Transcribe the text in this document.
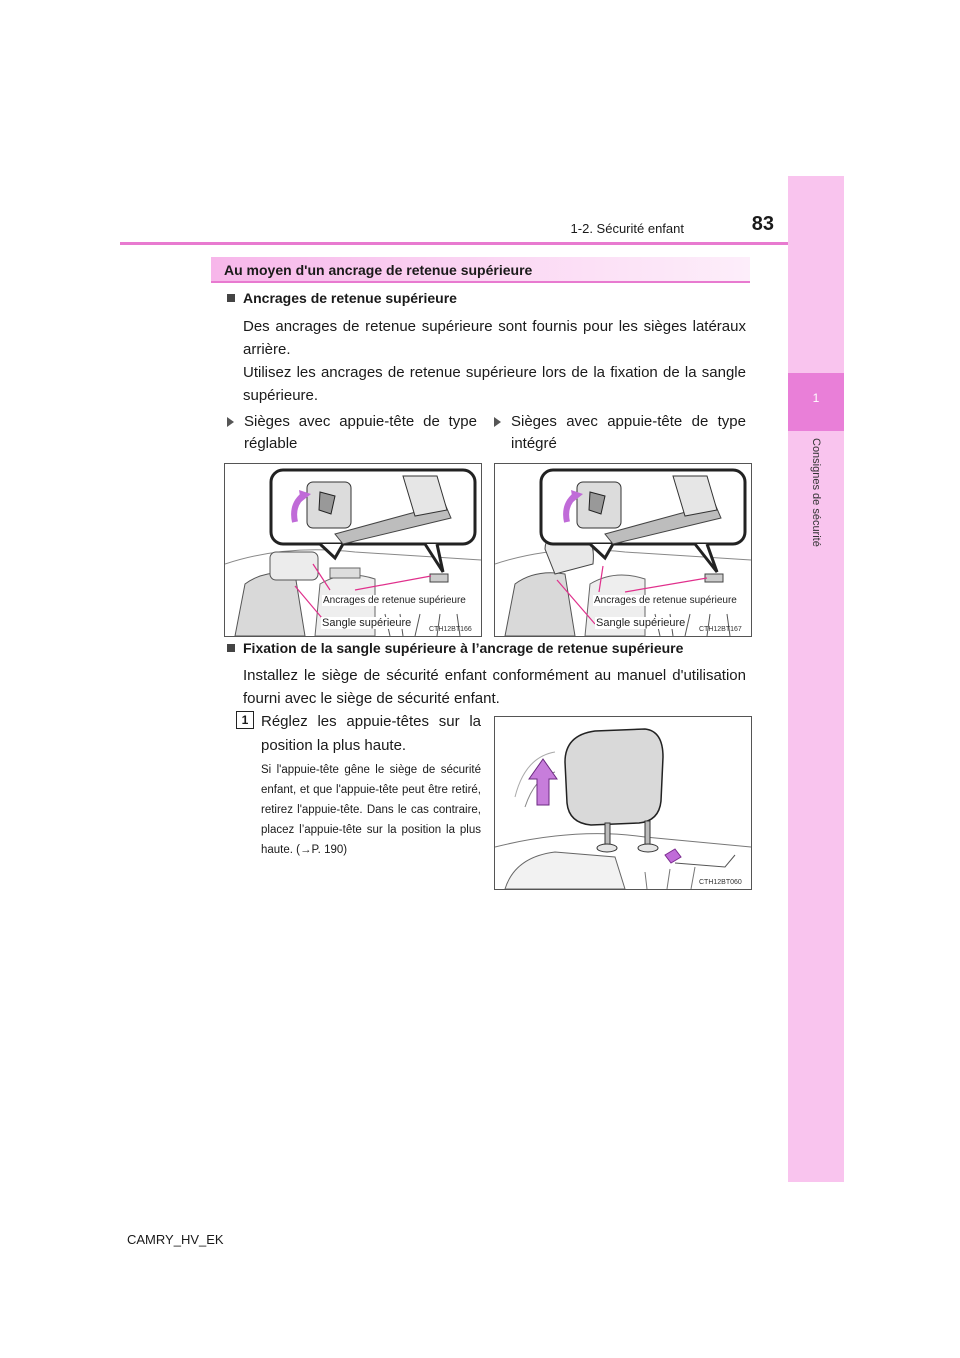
1-2. Sécurité enfant	83
1
Consignes de sécurité
Au moyen d'un ancrage de retenue supérieure
Ancrages de retenue supérieure
Des ancrages de retenue supérieure sont fournis pour les sièges latéraux arrière.
Utilisez les ancrages de retenue supérieure lors de la fixation de la sangle supérieure.
Sièges avec appuie-tête de type réglable
Sièges avec appuie-tête de type intégré
Ancrages de retenue supérieure
Sangle supérieure
CTH12BT166
Ancrages de retenue supérieure
Sangle supérieure
CTH12BT167
Fixation de la sangle supérieure à l’ancrage de retenue supérieure
Installez le siège de sécurité enfant conformément au manuel d'utilisation fourni avec le siège de sécurité enfant.
1 Réglez les appuie-têtes sur la position la plus haute.
Si l'appuie-tête gêne le siège de sécurité enfant, et que l'appuie-tête peut être retiré, retirez l'appuie-tête. Dans le cas contraire, placez l’appuie-tête sur la position la plus haute. (→P. 190)
CTH12BT060
CAMRY_HV_EK
